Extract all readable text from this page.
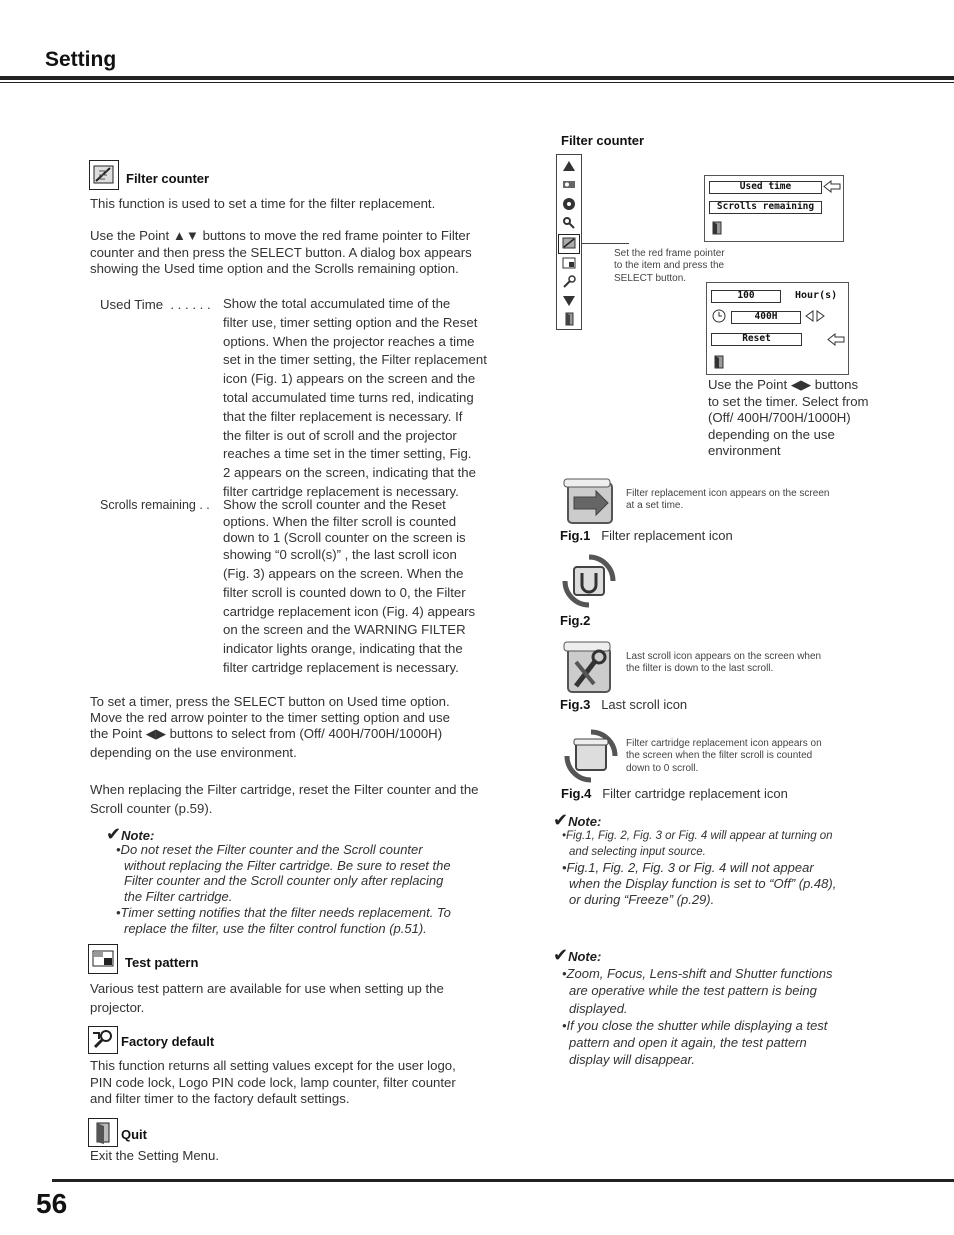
Setting
Filter counter
This function is used to set a time for the filter replacement.
Use the Point ▲▼ buttons to move the red frame pointer to Filter
counter and then press the SELECT button. A dialog box appears
showing the Used time option and the Scrolls remaining option.
Used Time  . . . . . . Show the total accumulated time of the
filter use, timer setting option and the Reset
options. When the projector reaches a time
set in the timer setting, the Filter replacement
icon (Fig. 1) appears on the screen and the
total accumulated time turns red, indicating
that the filter replacement is necessary. If
the filter is out of scroll and the projector
reaches a time set in the timer setting, Fig.
2 appears on the screen, indicating that the
filter cartridge replacement is necessary.
Scrolls remaining . . Show the scroll counter and the Reset
options. When the filter scroll is counted
down to 1 (Scroll counter on the screen is
showing “0 scroll(s)” , the last scroll icon
(Fig. 3) appears on the screen. When the
filter scroll is counted down to 0, the Filter
cartridge replacement icon (Fig. 4) appears
on the screen and the WARNING FILTER
indicator lights orange, indicating that the
filter cartridge replacement is necessary.
To set a timer, press the SELECT button on Used time option.
Move the red arrow pointer to the timer setting option and use
the Point ◀▶ buttons to select from (Off/ 400H/700H/1000H)
depending on the use environment.
When replacing the Filter cartridge, reset the Filter counter and the
Scroll counter (p.59).
✔Note:
•Do not reset the Filter counter and the Scroll counter
without replacing the Filter cartridge. Be sure to reset the
Filter counter and the Scroll counter only after replacing
the Filter cartridge.
•Timer setting notifies that the filter needs replacement. To
replace the filter, use the filter control function (p.51).
Test pattern
Various test pattern are available for use when setting up the
projector.
Factory default
This function returns all setting values except for the user logo,
PIN code lock, Logo PIN code lock, lamp counter, filter counter
and filter timer to the factory default settings.
Quit
Exit the Setting Menu.
Filter counter
Set the red frame pointer
to the item and press the
SELECT button.
Used time
Scrolls remaining
100	Hour(s)
400H
Reset
Use the Point ◀▶ buttons
to set the timer. Select from
(Off/ 400H/700H/1000H)
depending on the use
environment
Filter replacement icon appears on the screen
at a set time.
Fig.1 Filter replacement icon
Fig.2
Last scroll icon appears on the screen when
the filter is down to the last scroll.
Fig.3 Last scroll icon
Filter cartridge replacement icon appears on
the screen when the filter scroll is counted
down to 0 scroll.
Fig.4 Filter cartridge replacement icon
✔Note:
•Fig.1, Fig. 2, Fig. 3 or Fig. 4 will appear at turning on
and selecting input source.
•Fig.1, Fig. 2, Fig. 3 or Fig. 4 will not appear
when the Display function is set to “Off” (p.48),
or during “Freeze” (p.29).
✔Note:
•Zoom, Focus, Lens-shift and Shutter functions
are operative while the test pattern is being
displayed.
•If you close the shutter while displaying a test
pattern and open it again, the test pattern
display will disappear.
56
